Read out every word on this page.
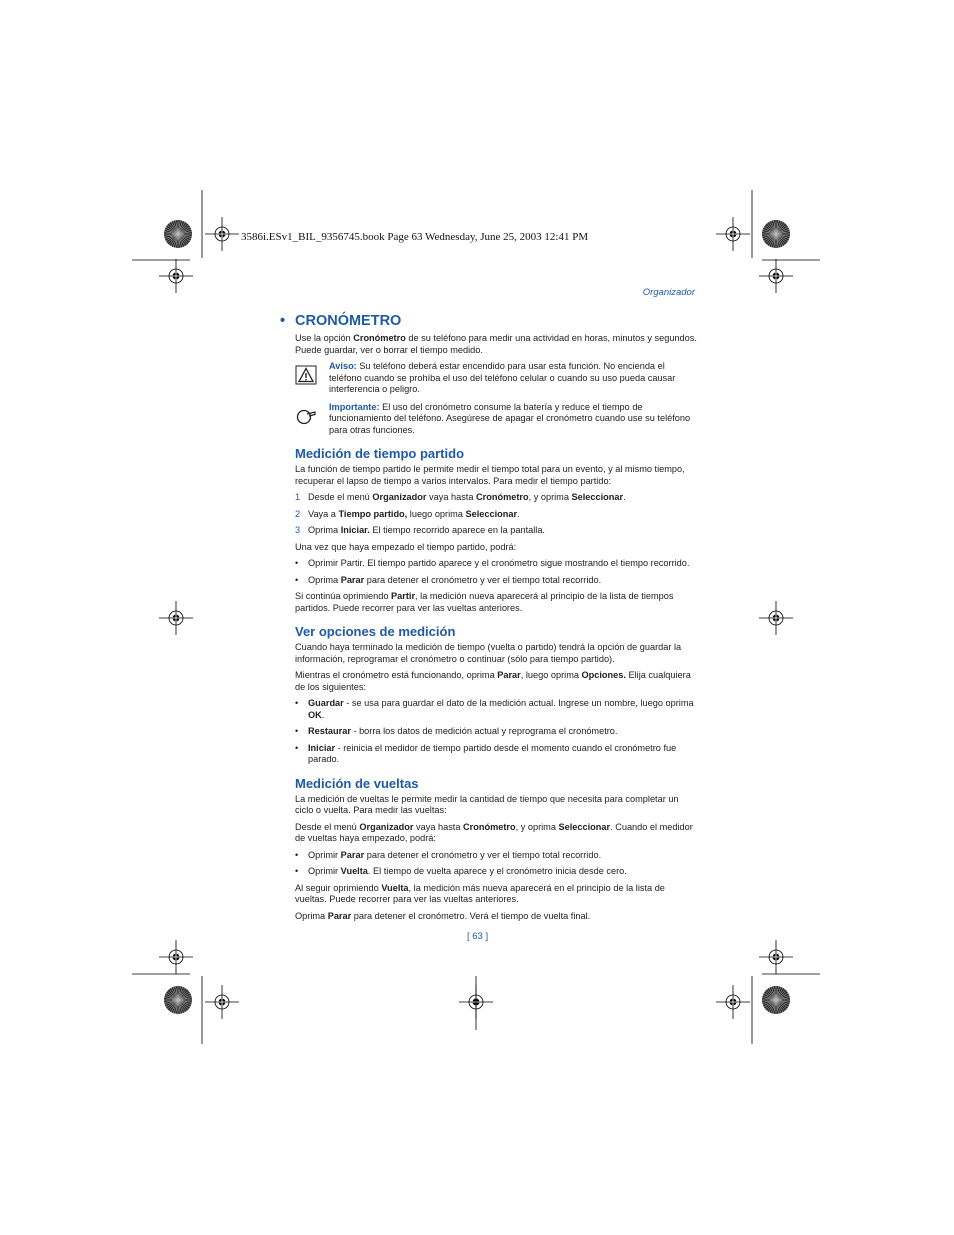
3586i.ESv1_BIL_9356745.book Page 63 Wednesday, June 25, 2003 12:41 PM
Organizador
• CRONÓMETRO

Use la opción Cronómetro de su teléfono para medir una actividad en horas, minutos y segundos. Puede guardar, ver o borrar el tiempo medido.

Aviso: Su teléfono deberá estar encendido para usar esta función. No encienda el teléfono cuando se prohíba el uso del teléfono celular o cuando su uso pueda causar interferencia o peligro.
Importante: El uso del cronómetro consume la batería y reduce el tiempo de funcionamiento del teléfono. Asegúrese de apagar el cronómetro cuando use su teléfono para otras funciones.
Medición de tiempo partido

La función de tiempo partido le permite medir el tiempo total para un evento, y al mismo tiempo, recuperar el lapso de tiempo a varios intervalos. Para medir el tiempo partido:

1 Desde el menú Organizador vaya hasta Cronómetro, y oprima Seleccionar.
2 Vaya a Tiempo partido, luego oprima Seleccionar.
3 Oprima Iniciar. El tiempo recorrido aparece en la pantalla.

Una vez que haya empezado el tiempo partido, podrá:

•	Oprimir Partir. El tiempo partido aparece y el cronómetro sigue mostrando el tiempo recorrido.
•	Oprima Parar para detener el cronómetro y ver el tiempo total recorrido.

Si continúa oprimiendo Partir, la medición nueva aparecerá al principio de la lista de tiempos partidos. Puede recorrer para ver las vueltas anteriores.

Ver opciones de medición

Cuando haya terminado la medición de tiempo (vuelta o partido) tendrá la opción de guardar la información, reprogramar el cronómetro o continuar (sólo para tiempo partido).

Mientras el cronómetro está funcionando, oprima Parar, luego oprima Opciones. Elija cualquiera de los siguientes:

•	Guardar - se usa para guardar el dato de la medición actual. Ingrese un nombre, luego oprima OK.
•	Restaurar - borra los datos de medición actual y reprograma el cronómetro.
•	Iniciar - reinicia el medidor de tiempo partido desde el momento cuando el cronómetro fue parado.
Medición de vueltas

La medición de vueltas le permite medir la cantidad de tiempo que necesita para completar un ciclo o vuelta. Para medir las vueltas:

Desde el menú Organizador vaya hasta Cronómetro, y oprima Seleccionar. Cuando el medidor de vueltas haya empezado, podrá:

•	Oprimir Parar para detener el cronómetro y ver el tiempo total recorrido.
•	Oprimir Vuelta. El tiempo de vuelta aparece y el cronómetro inicia desde cero.

Al seguir oprimiendo Vuelta, la medición más nueva aparecerá en el principio de la lista de vueltas. Puede recorrer para ver las vueltas anteriores.

Oprima Parar para detener el cronómetro. Verá el tiempo de vuelta final.

[ 63 ]
